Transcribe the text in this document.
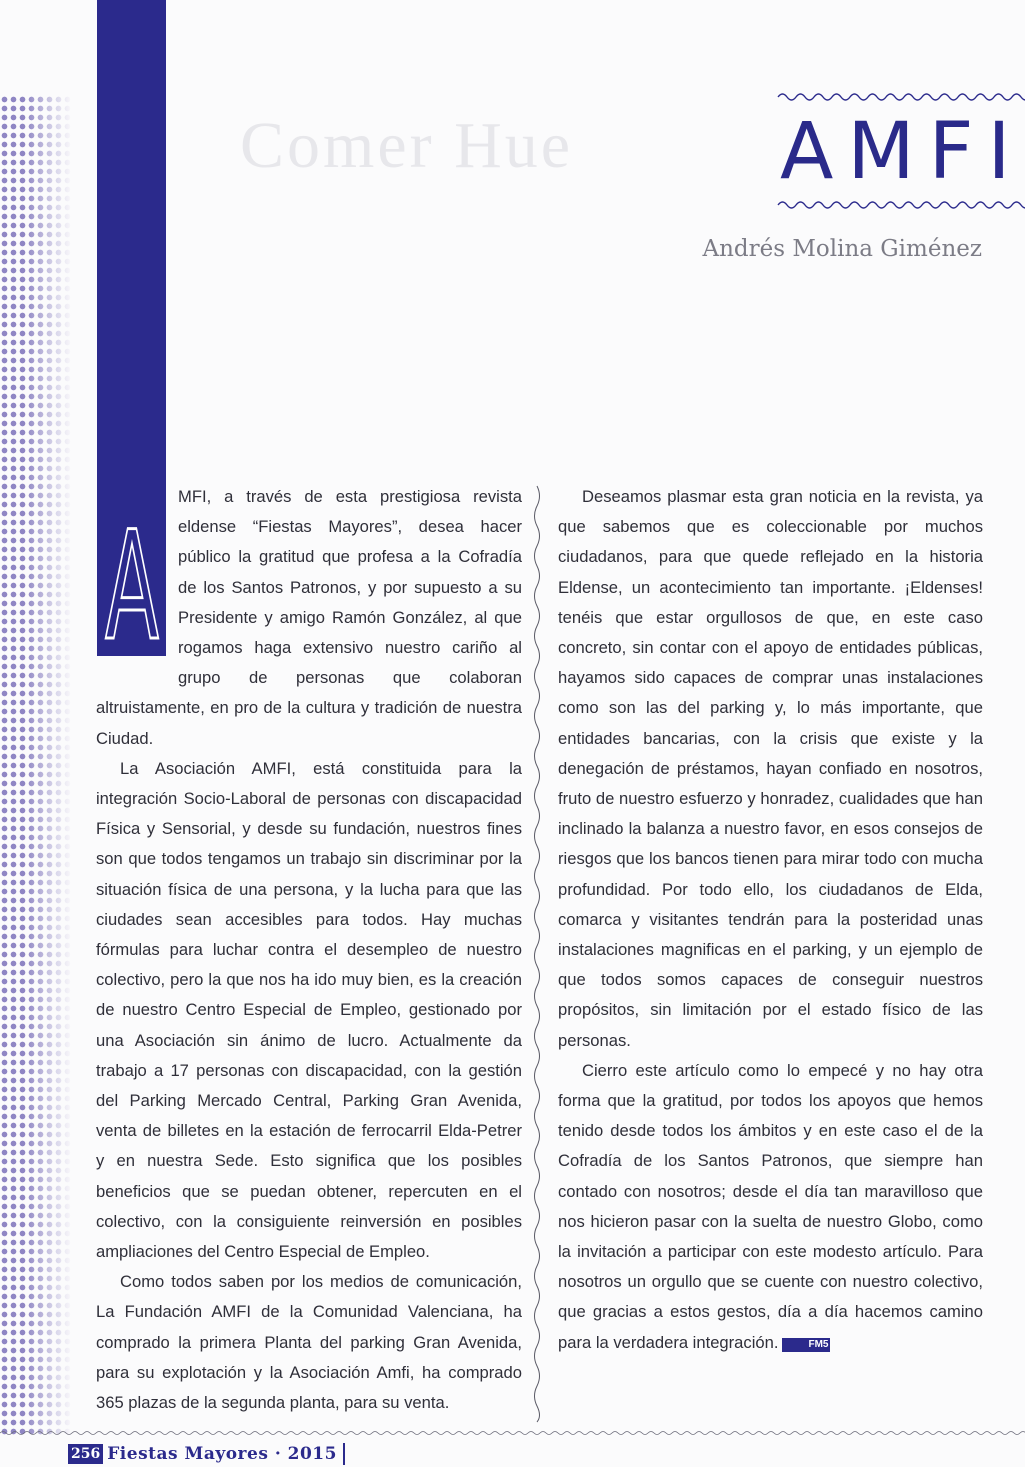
A
Comer Hue	AMFI
Andrés Molina Giménez

MFI, a través de esta prestigiosa revista eldense “Fiestas Mayores”, desea hacer público la gratitud que profesa a la Cofradía de los Santos Patronos, y por supuesto a su Presidente y amigo Ramón González, al que rogamos haga extensivo nuestro cariño al grupo de personas que colaboran altruistamente, en pro de la cultura y tradición de nuestra Ciudad.

La Asociación AMFI, está constituida para la integración Socio-Laboral de personas con discapacidad Física y Sensorial, y desde su fundación, nuestros fines son que todos tengamos un trabajo sin discriminar por la situación física de una persona, y la lucha para que las ciudades sean accesibles para todos. Hay muchas fórmulas para luchar contra el desempleo de nuestro colectivo, pero la que nos ha ido muy bien, es la creación de nuestro Centro Especial de Empleo, gestionado por una Asociación sin ánimo de lucro. Actualmente da trabajo a 17 personas con discapacidad, con la gestión del Parking Mercado Central, Parking Gran Avenida, venta de billetes en la estación de ferrocarril Elda-Petrer y en nuestra Sede. Esto significa que los posibles beneficios que se puedan obtener, repercuten en el colectivo, con la consiguiente reinversión en posibles ampliaciones del Centro Especial de Empleo.

Como todos saben por los medios de comunicación, La Fundación AMFI de la Comunidad Valenciana, ha comprado la primera Planta del parking Gran Avenida, para su explotación y la Asociación Amfi, ha comprado 365 plazas de la segunda planta, para su venta.

Deseamos plasmar esta gran noticia en la revista, ya que sabemos que es coleccionable por muchos ciudadanos, para que quede reflejado en la historia Eldense, un acontecimiento tan importante. ¡Eldenses! tenéis que estar orgullosos de que, en este caso concreto, sin contar con el apoyo de entidades públicas, hayamos sido capaces de comprar unas instalaciones como son las del parking y, lo más importante, que entidades bancarias, con la crisis que existe y la denegación de préstamos, hayan confiado en nosotros, fruto de nuestro esfuerzo y honradez, cualidades que han inclinado la balanza a nuestro favor, en esos consejos de riesgos que los bancos tienen para mirar todo con mucha profundidad. Por todo ello, los ciudadanos de Elda, comarca y visitantes tendrán para la posteridad unas instalaciones magnificas en el parking, y un ejemplo de que todos somos capaces de conseguir nuestros propósitos, sin limitación por el estado físico de las personas.

Cierro este artículo como lo empecé y no hay otra forma que la gratitud, por todos los apoyos que hemos tenido desde todos los ámbitos y en este caso el de la Cofradía de los Santos Patronos, que siempre han contado con nosotros; desde el día tan maravilloso que nos hicieron pasar con la suelta de nuestro Globo, como la invitación a participar con este modesto artículo. Para nosotros un orgullo que se cuente con nuestro colectivo, que gracias a estos gestos, día a día hacemos camino para la verdadera integración.	FM5

256 Fiestas Mayores · 2015
